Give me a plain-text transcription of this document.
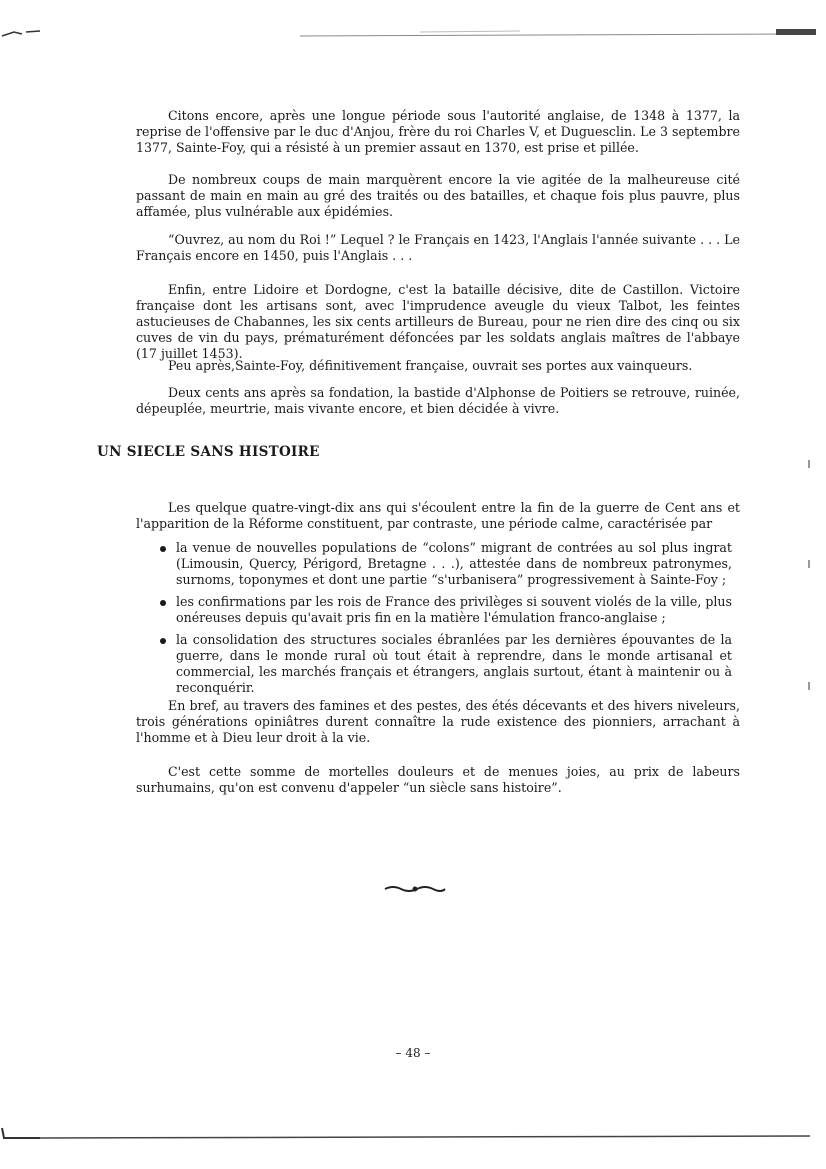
Citons encore, après une longue période sous l'autorité anglaise, de 1348 à 1377, la reprise de l'offensive par le duc d'Anjou, frère du roi Charles V, et Duguesclin. Le 3 septembre 1377, Sainte-Foy, qui a résisté à un premier assaut en 1370, est prise et pillée.

De nombreux coups de main marquèrent encore la vie agitée de la malheureuse cité passant de main en main au gré des traités ou des batailles, et chaque fois plus pauvre, plus affamée, plus vulnérable aux épidémies.

“Ouvrez, au nom du Roi !” Lequel ? le Français en 1423, l'Anglais l'année suivante . . . Le Français encore en 1450, puis l'Anglais . . .

Enfin, entre Lidoire et Dordogne, c'est la bataille décisive, dite de Castillon. Victoire française dont les artisans sont, avec l'imprudence aveugle du vieux Talbot, les feintes astucieuses de Chabannes, les six cents artilleurs de Bureau, pour ne rien dire des cinq ou six cuves de vin du pays, prématurément défoncées par les soldats anglais maîtres de l'abbaye (17 juillet 1453).

Peu après,Sainte-Foy, définitivement française, ouvrait ses portes aux vainqueurs.

Deux cents ans après sa fondation, la bastide d'Alphonse de Poitiers se retrouve, ruinée, dépeuplée, meurtrie, mais vivante encore, et bien décidée à vivre.

UN SIECLE SANS HISTOIRE

Les quelque quatre-vingt-dix ans qui s'écoulent entre la fin de la guerre de Cent ans et l'apparition de la Réforme constituent, par contraste, une période calme, caractérisée par

la venue de nouvelles populations de “colons” migrant de contrées au sol plus ingrat (Limousin, Quercy, Périgord, Bretagne . . .), attestée dans de nombreux patronymes, surnoms, toponymes et dont une partie “s'urbanisera” progressivement à Sainte-Foy ;
les confirmations par les rois de France des privilèges si souvent violés de la ville, plus onéreuses depuis qu'avait pris fin en la matière l'émulation franco-anglaise ;
la consolidation des structures sociales ébranlées par les dernières épouvantes de la guerre, dans le monde rural où tout était à reprendre, dans le monde artisanal et commercial, les marchés français et étrangers, anglais surtout, étant à maintenir ou à reconquérir.

En bref, au travers des famines et des pestes, des étés décevants et des hivers niveleurs, trois générations opiniâtres durent connaître la rude existence des pionniers, arrachant à l'homme et à Dieu leur droit à la vie.

C'est cette somme de mortelles douleurs et de menues joies, au prix de labeurs surhumains, qu'on est convenu d'appeler “un siècle sans histoire”.

– 48 –
